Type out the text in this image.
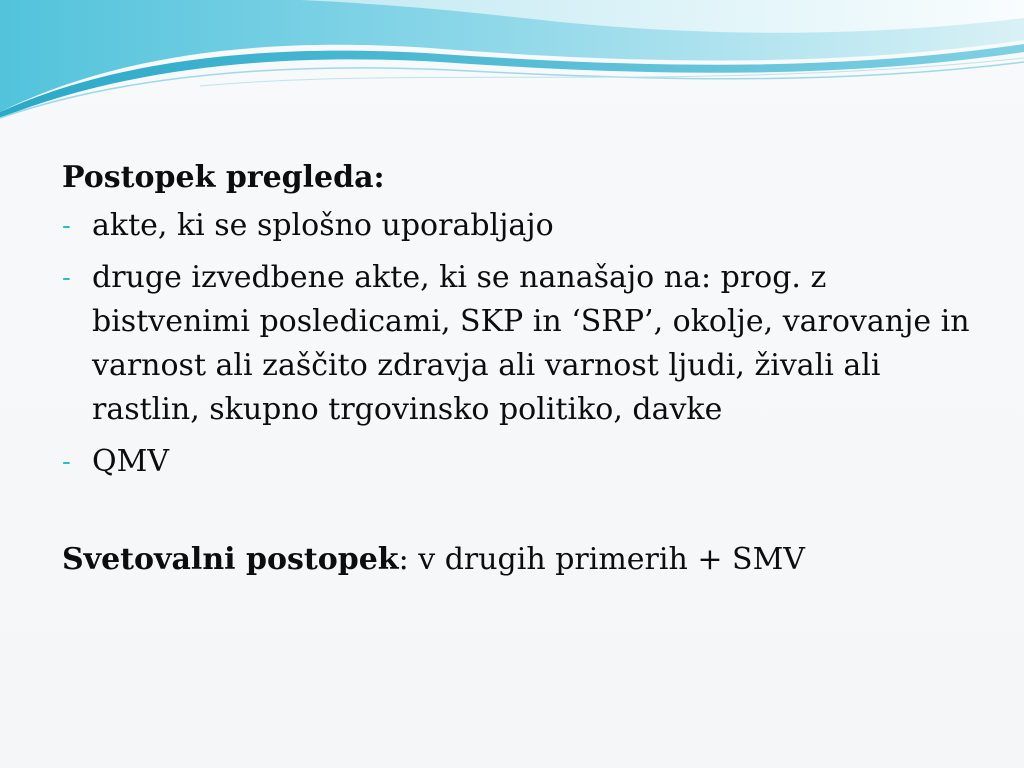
Postopek pregleda:
- akte, ki se splošno uporabljajo
- druge izvedbene akte, ki se nanašajo na: prog. z bistvenimi posledicami, SKP in ‘SRP’, okolje, varovanje in varnost ali zaščito zdravja ali varnost ljudi, živali ali rastlin, skupno trgovinsko politiko, davke
- QMV
Svetovalni postopek: v drugih primerih + SMV
